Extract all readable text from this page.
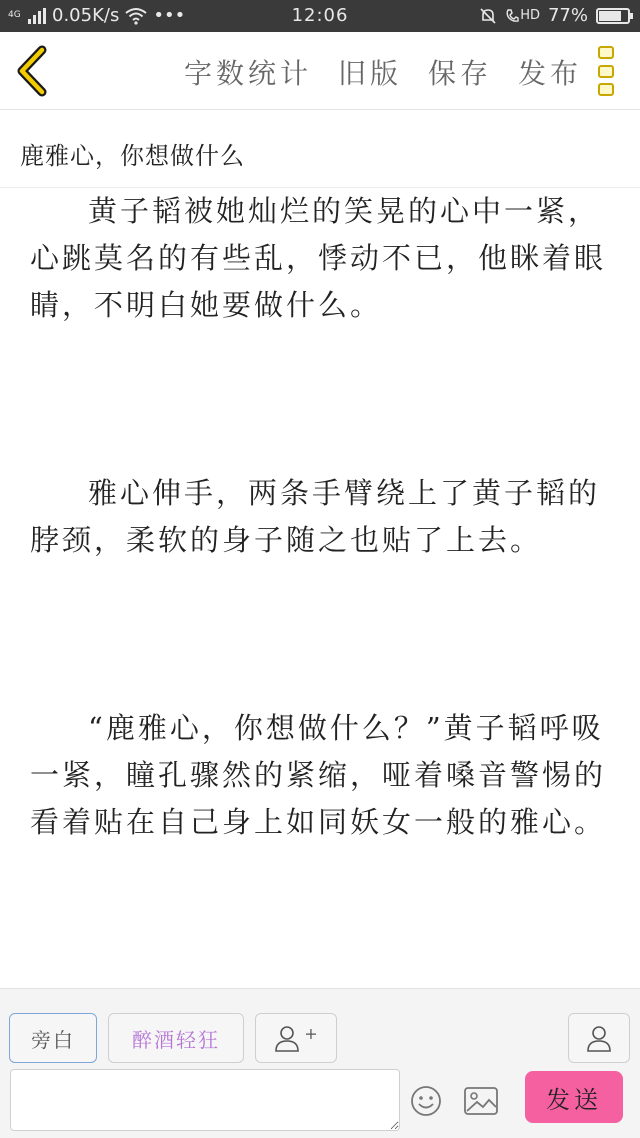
4G 0.05K/s •••	12:06	HD 77%
字数统计 旧版 保存 发布
鹿雅心，你想做什么

黄子韬被她灿烂的笑晃的心中一紧，心跳莫名的有些乱，悸动不已，他眯着眼睛，不明白她要做什么。

雅心伸手，两条手臂绕上了黄子韬的脖颈，柔软的身子随之也贴了上去。

“鹿雅心，你想做什么？”黄子韬呼吸一紧，瞳孔骤然的紧缩，哑着嗓音警惕的看着贴在自己身上如同妖女一般的雅心。

旁白	醉酒轻狂	+
发送
